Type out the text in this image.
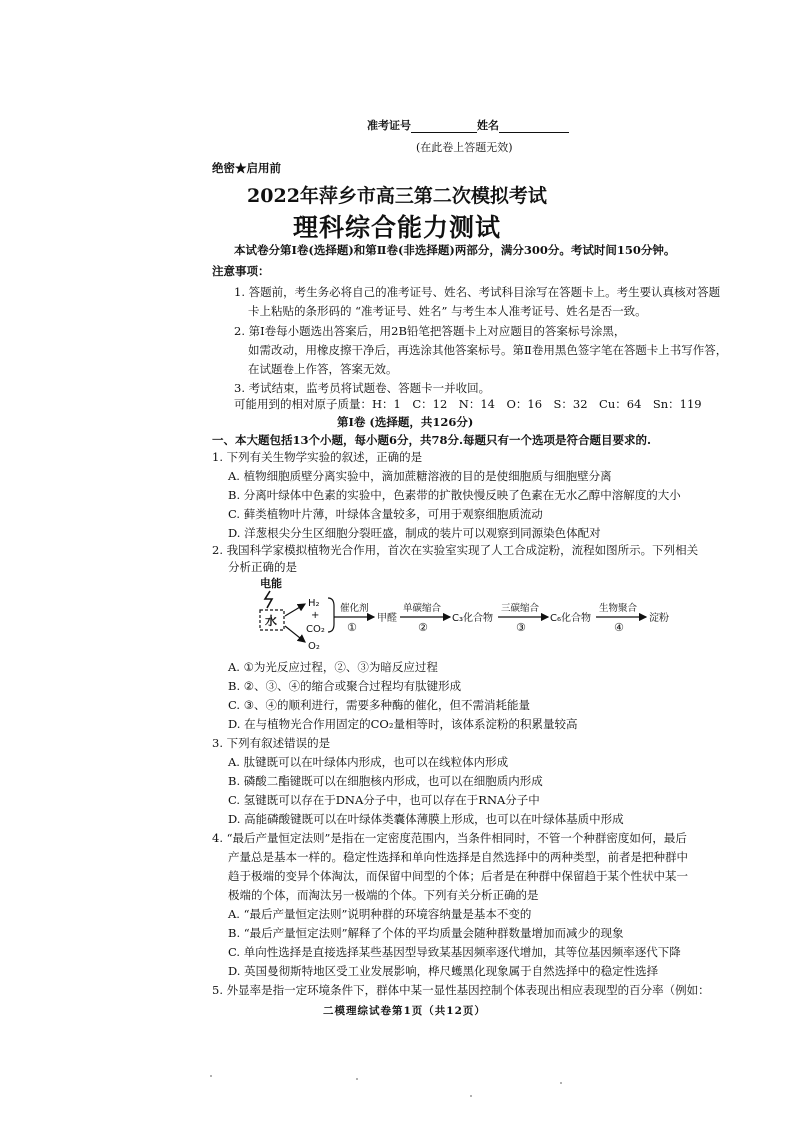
准考证号	姓名
(在此卷上答题无效)
绝密★启用前
2022年萍乡市高三第二次模拟考试
理科综合能力测试
本试卷分第Ⅰ卷(选择题)和第Ⅱ卷(非选择题)两部分，满分300分。考试时间150分钟。
注意事项：
1. 答题前，考生务必将自己的准考证号、姓名、考试科目涂写在答题卡上。考生要认真核对答题
卡上粘贴的条形码的 “准考证号、姓名” 与考生本人准考证号、姓名是否一致。
2. 第Ⅰ卷每小题选出答案后，用2B铅笔把答题卡上对应题目的答案标号涂黑，
如需改动，用橡皮擦干净后，再选涂其他答案标号。第Ⅱ卷用黑色签字笔在答题卡上书写作答，
在试题卷上作答，答案无效。
3. 考试结束，监考员将试题卷、答题卡一并收回。
可能用到的相对原子质量：H：1　C：12　N：14　O：16　S：32　Cu：64　Sn：119
第Ⅰ卷 (选择题，共126分)
一、本大题包括13个小题，每小题6分，共78分.每题只有一个选项是符合题目要求的.
1. 下列有关生物学实验的叙述，正确的是
A. 植物细胞质壁分离实验中，滴加蔗糖溶液的目的是使细胞质与细胞壁分离
B. 分离叶绿体中色素的实验中，色素带的扩散快慢反映了色素在无水乙醇中溶解度的大小
C. 藓类植物叶片薄，叶绿体含量较多，可用于观察细胞质流动
D. 洋葱根尖分生区细胞分裂旺盛，制成的装片可以观察到同源染色体配对
2. 我国科学家模拟植物光合作用，首次在实验室实现了人工合成淀粉，流程如图所示。下列相关
分析正确的是
电能
水
H₂
+
CO₂
O₂
催化剂
①
甲醛
单碳缩合
②
C₃化合物
三碳缩合
③
C₆化合物
生物聚合
④
淀粉
A. ①为光反应过程，②、③为暗反应过程
B. ②、③、④的缩合或聚合过程均有肽键形成
C. ③、④的顺利进行，需要多种酶的催化，但不需消耗能量
D. 在与植物光合作用固定的CO₂量相等时，该体系淀粉的积累量较高
3. 下列有叙述错误的是
A. 肽键既可以在叶绿体内形成，也可以在线粒体内形成
B. 磷酸二酯键既可以在细胞核内形成，也可以在细胞质内形成
C. 氢键既可以存在于DNA分子中，也可以存在于RNA分子中
D. 高能磷酸键既可以在叶绿体类囊体薄膜上形成，也可以在叶绿体基质中形成
4. “最后产量恒定法则”是指在一定密度范围内，当条件相同时，不管一个种群密度如何，最后
产量总是基本一样的。稳定性选择和单向性选择是自然选择中的两种类型，前者是把种群中
趋于极端的变异个体淘汰，而保留中间型的个体；后者是在种群中保留趋于某个性状中某一
极端的个体，而淘汰另一极端的个体。下列有关分析正确的是
A. “最后产量恒定法则”说明种群的环境容纳量是基本不变的
B. “最后产量恒定法则”解释了个体的平均质量会随种群数量增加而减少的现象
C. 单向性选择是直接选择某些基因型导致某基因频率逐代增加，其等位基因频率逐代下降
D. 英国曼彻斯特地区受工业发展影响，桦尺蠖黑化现象属于自然选择中的稳定性选择
5. 外显率是指一定环境条件下，群体中某一显性基因控制个体表现出相应表现型的百分率（例如：
二模理综试卷第1页（共12页）
